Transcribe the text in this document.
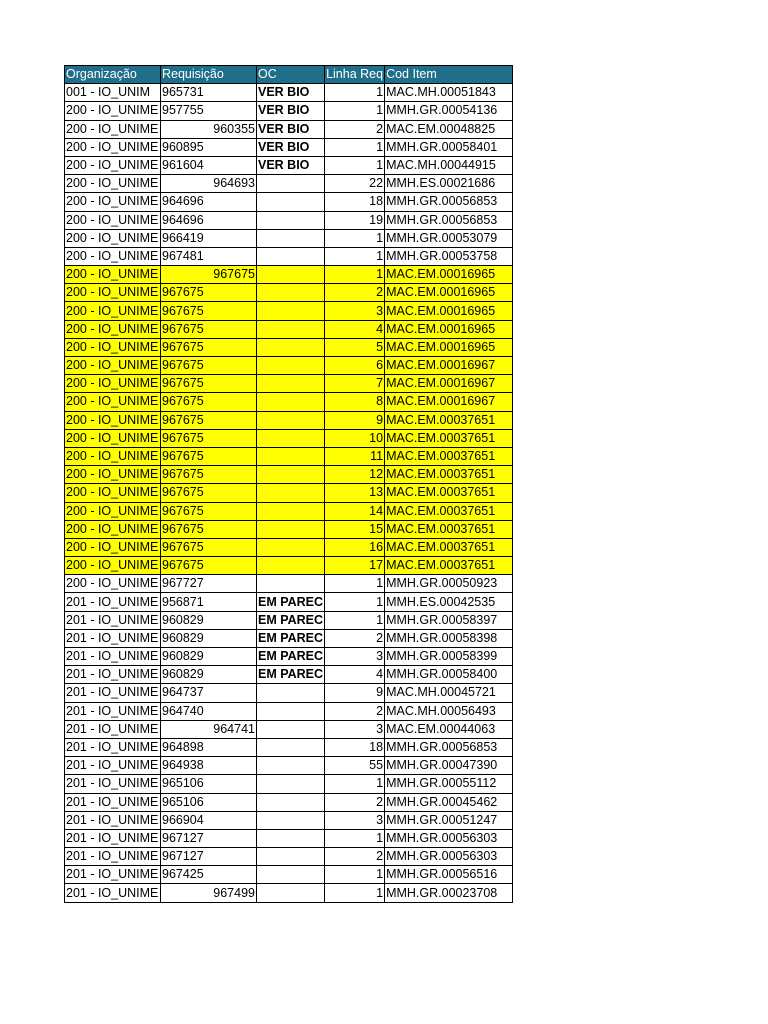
Organização	Requisição	OC	Linha Req	Cod Item
001 - IO_UNIM	965731	VER BIO	1	MAC.MH.00051843
200 - IO_UNIME	957755	VER BIO	1	MMH.GR.00054136
200 - IO_UNIME	960355	VER BIO	2	MAC.EM.00048825
200 - IO_UNIME	960895	VER BIO	1	MMH.GR.00058401
200 - IO_UNIME	961604	VER BIO	1	MAC.MH.00044915
200 - IO_UNIME	964693		22	MMH.ES.00021686
200 - IO_UNIME	964696		18	MMH.GR.00056853
200 - IO_UNIME	964696		19	MMH.GR.00056853
200 - IO_UNIME	966419		1	MMH.GR.00053079
200 - IO_UNIME	967481		1	MMH.GR.00053758
200 - IO_UNIME	967675		1	MAC.EM.00016965
200 - IO_UNIME	967675		2	MAC.EM.00016965
200 - IO_UNIME	967675		3	MAC.EM.00016965
200 - IO_UNIME	967675		4	MAC.EM.00016965
200 - IO_UNIME	967675		5	MAC.EM.00016965
200 - IO_UNIME	967675		6	MAC.EM.00016967
200 - IO_UNIME	967675		7	MAC.EM.00016967
200 - IO_UNIME	967675		8	MAC.EM.00016967
200 - IO_UNIME	967675		9	MAC.EM.00037651
200 - IO_UNIME	967675		10	MAC.EM.00037651
200 - IO_UNIME	967675		11	MAC.EM.00037651
200 - IO_UNIME	967675		12	MAC.EM.00037651
200 - IO_UNIME	967675		13	MAC.EM.00037651
200 - IO_UNIME	967675		14	MAC.EM.00037651
200 - IO_UNIME	967675		15	MAC.EM.00037651
200 - IO_UNIME	967675		16	MAC.EM.00037651
200 - IO_UNIME	967675		17	MAC.EM.00037651
200 - IO_UNIME	967727		1	MMH.GR.00050923
201 - IO_UNIME	956871	EM PAREC	1	MMH.ES.00042535
201 - IO_UNIME	960829	EM PAREC	1	MMH.GR.00058397
201 - IO_UNIME	960829	EM PAREC	2	MMH.GR.00058398
201 - IO_UNIME	960829	EM PAREC	3	MMH.GR.00058399
201 - IO_UNIME	960829	EM PAREC	4	MMH.GR.00058400
201 - IO_UNIME	964737		9	MAC.MH.00045721
201 - IO_UNIME	964740		2	MAC.MH.00056493
201 - IO_UNIME	964741		3	MAC.EM.00044063
201 - IO_UNIME	964898		18	MMH.GR.00056853
201 - IO_UNIME	964938		55	MMH.GR.00047390
201 - IO_UNIME	965106		1	MMH.GR.00055112
201 - IO_UNIME	965106		2	MMH.GR.00045462
201 - IO_UNIME	966904		3	MMH.GR.00051247
201 - IO_UNIME	967127		1	MMH.GR.00056303
201 - IO_UNIME	967127		2	MMH.GR.00056303
201 - IO_UNIME	967425		1	MMH.GR.00056516
201 - IO_UNIME	967499		1	MMH.GR.00023708
